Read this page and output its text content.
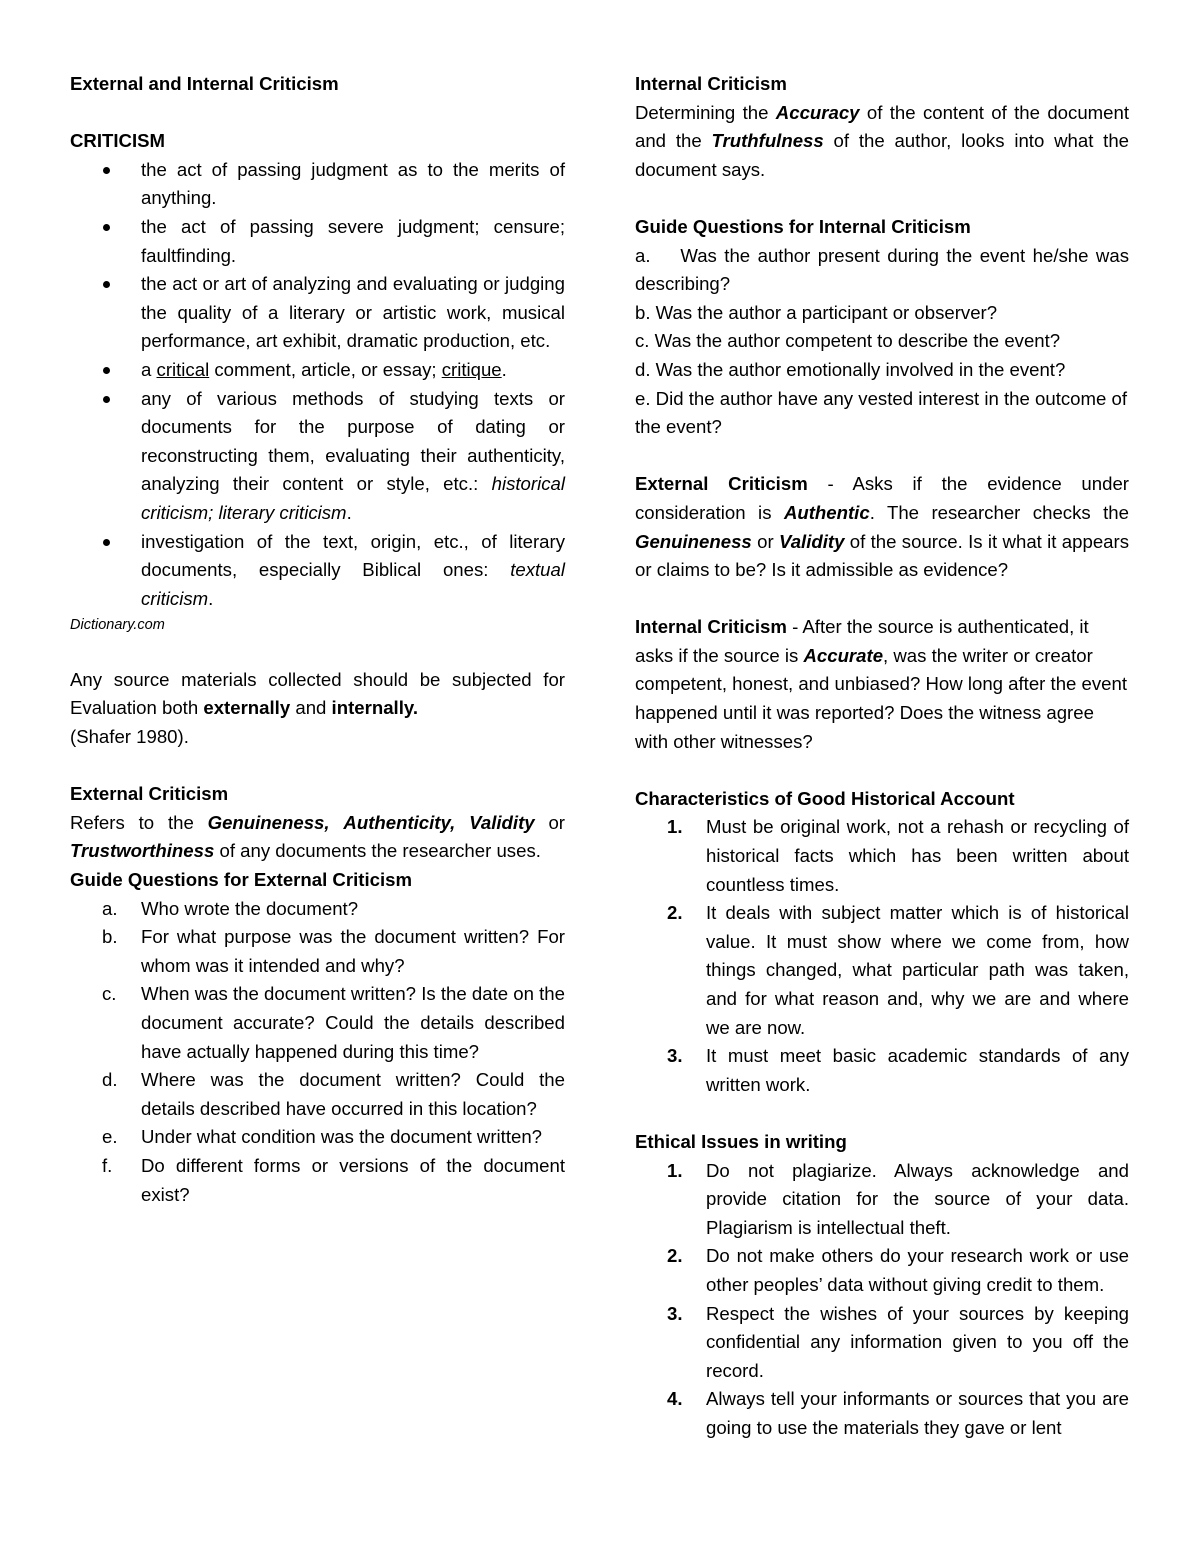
External and Internal Criticism

CRITICISM

the act of passing judgment as to the merits of anything.
the act of passing severe judgment; censure; faultfinding.
the act or art of analyzing and evaluating or judging the quality of a literary or artistic work, musical performance, art exhibit, dramatic production, etc.
a critical comment, article, or essay; critique.
any of various methods of studying texts or documents for the purpose of dating or reconstructing them, evaluating their authenticity, analyzing their content or style, etc.: historical criticism; literary criticism.
investigation of the text, origin, etc., of literary documents, especially Biblical ones: textual criticism.

Dictionary.com

Any source materials collected should be subjected for Evaluation both externally and internally.

(Shafer 1980).

External Criticism

Refers to the Genuineness, Authenticity, Validity or Trustworthiness of any documents the researcher uses.

Guide Questions for External Criticism

a. Who wrote the document?
b. For what purpose was the document written? For whom was it intended and why?
c. When was the document written? Is the date on the document accurate? Could the details described have actually happened during this time?
d. Where was the document written? Could the details described have occurred in this location?
e. Under what condition was the document written?
f. Do different forms or versions of the document exist?

Internal Criticism

Determining the Accuracy of the content of the document and the Truthfulness of the author, looks into what the document says.

Guide Questions for Internal Criticism

a. Was the author present during the event he/she was describing?

b. Was the author a participant or observer?

c. Was the author competent to describe the event?

d. Was the author emotionally involved in the event?

e. Did the author have any vested interest in the outcome of the event?

External Criticism - Asks if the evidence under consideration is Authentic. The researcher checks the Genuineness or Validity of the source. Is it what it appears or claims to be? Is it admissible as evidence?

Internal Criticism - After the source is authenticated, it asks if the source is Accurate, was the writer or creator competent, honest, and unbiased? How long after the event happened until it was reported? Does the witness agree with other witnesses?

Characteristics of Good Historical Account

1. Must be original work, not a rehash or recycling of historical facts which has been written about countless times.
2. It deals with subject matter which is of historical value. It must show where we come from, how things changed, what particular path was taken, and for what reason and, why we are and where we are now.
3. It must meet basic academic standards of any written work.

Ethical Issues in writing

1. Do not plagiarize. Always acknowledge and provide citation for the source of your data. Plagiarism is intellectual theft.
2. Do not make others do your research work or use other peoples’ data without giving credit to them.
3. Respect the wishes of your sources by keeping confidential any information given to you off the record.
4. Always tell your informants or sources that you are going to use the materials they gave or lent
